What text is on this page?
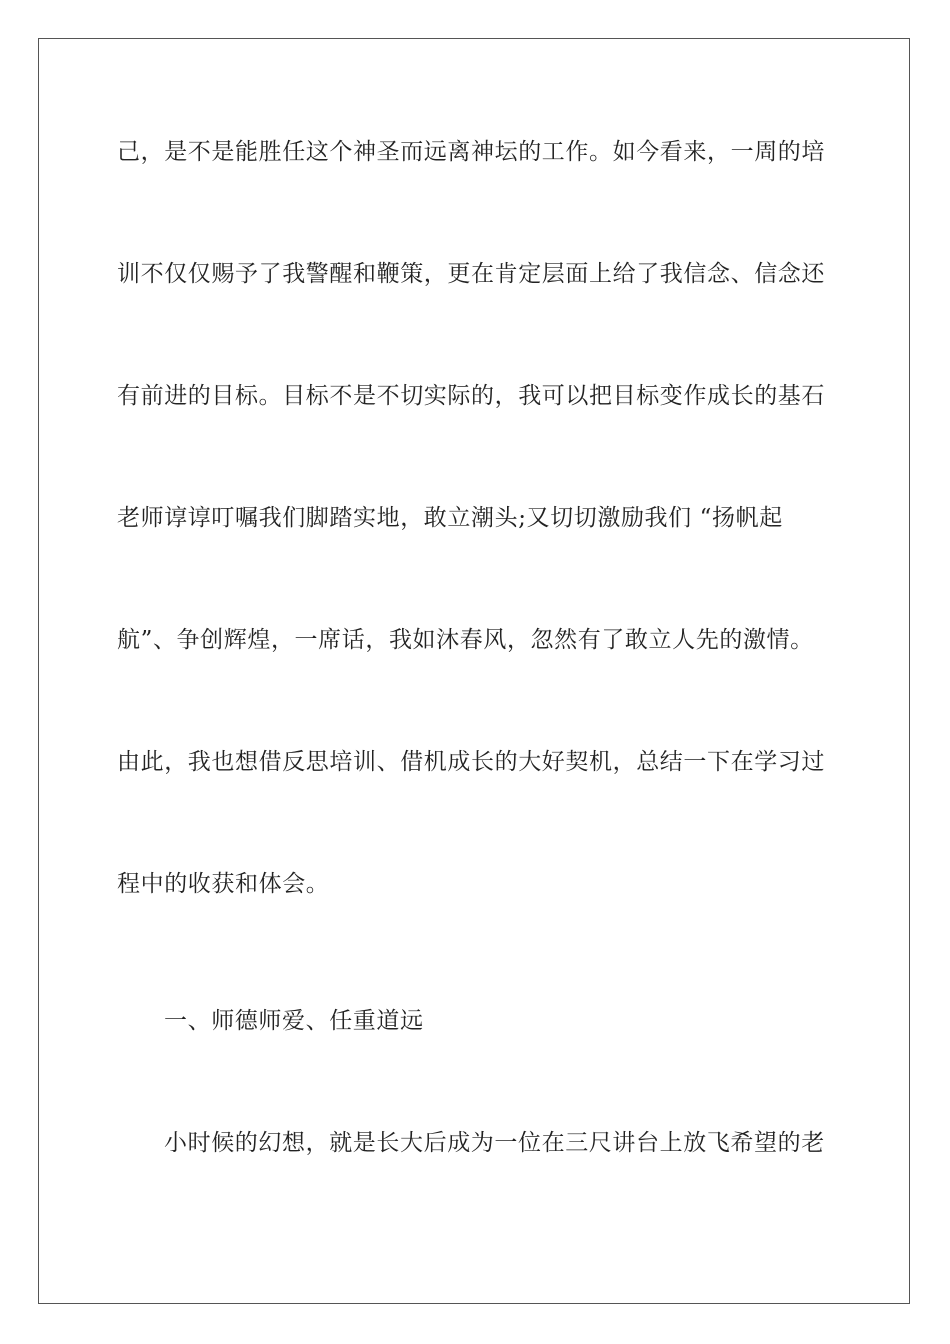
己，是不是能胜任这个神圣而远离神坛的工作。如今看来，一周的培

训不仅仅赐予了我警醒和鞭策，更在肯定层面上给了我信念、信念还

有前进的目标。目标不是不切实际的，我可以把目标变作成长的基石

老师谆谆叮嘱我们脚踏实地，敢立潮头;又切切激励我们 “扬帆起

航”、争创辉煌，一席话，我如沐春风，忽然有了敢立人先的激情。

由此，我也想借反思培训、借机成长的大好契机，总结一下在学习过

程中的收获和体会。

一、师德师爱、任重道远

小时候的幻想，就是长大后成为一位在三尺讲台上放飞希望的老
